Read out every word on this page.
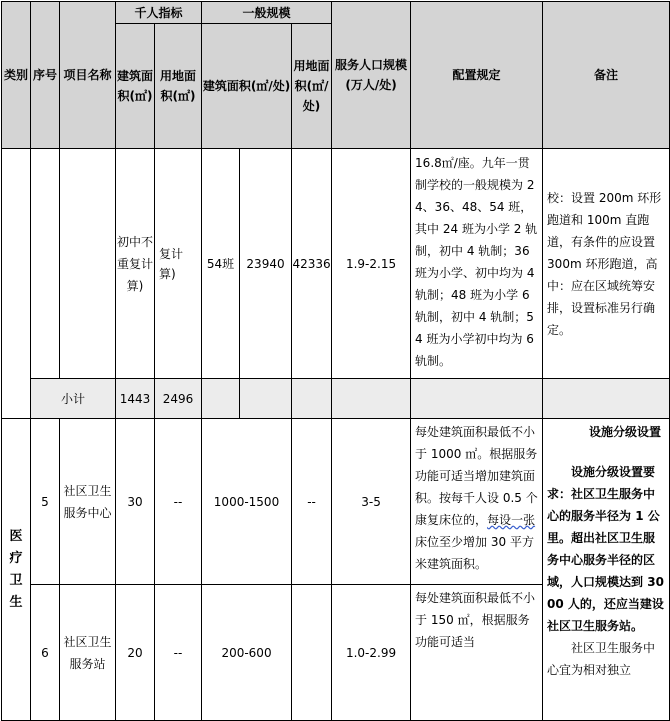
类别	序号	项目名称	千人指标		一般规模			服务人口规模(万人/处)	配置规定	备注
			建筑面积(㎡)	用地面积(㎡)	建筑面积(㎡/处)		用地面积(㎡/处)			
			初中不重复计算)	复计算)	54班	23940	42336	1.9-2.15	16.8㎡/座。九年一贯制学校的一般规模为 24、36、48、54 班，其中 24 班为小学 2 轨制，初中 4 轨制；36 班为小学、初中均为 4 轨制；48 班为小学 6 轨制，初中 4 轨制；54 班为小学初中均为 6 轨制。	校：设置 200m 环形跑道和 100m 直跑道，有条件的应设置 300m 环形跑道，高中：应在区域统筹安排，设置标准另行确定。
	小计		1443	2496						
医疗卫生	5	社区卫生服务中心	30	--	1000-1500		--	3-5	每处建筑面积最低不小于 1000 ㎡。根据服务功能可适当增加建筑面积。按每千人设 0.5 个康复床位的，每设一张床位至少增加 30 平方米建筑面积。	设施分级设置
设施分级设置要求：社区卫生服务中心的服务半径为 1 公里。超出社区卫生服务中心服务半径的区域，人口规模达到 3000 人的，还应当建设社区卫生服务站。
社区卫生服务中心宜为相对独立

	6	社区卫生服务站	20	--	200-600			1.0-2.99	每处建筑面积最低不小于 150 ㎡，根据服务功能可适当	
